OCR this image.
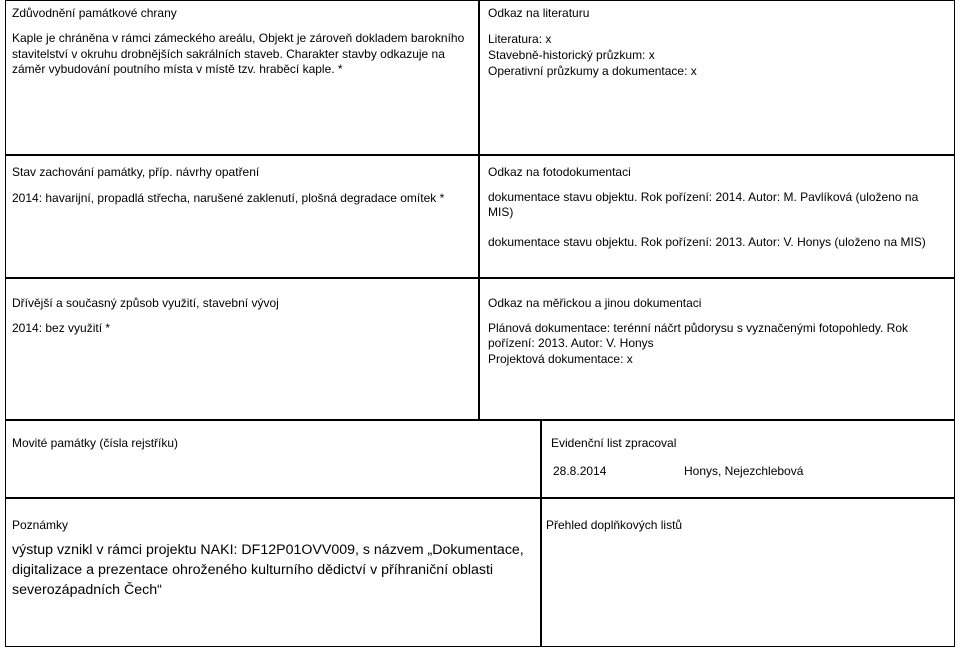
Zdůvodnění památkové chrany
Kaple je chráněna v rámci zámeckého areálu, Objekt je zároveň dokladem barokního stavitelství v okruhu drobnějších sakrálních staveb. Charakter stavby odkazuje na záměr vybudování poutního místa v místě tzv. hraběcí kaple. *
Odkaz na literaturu
Literatura: x
Stavebně-historický průzkum: x
Operativní průzkumy a dokumentace: x
Stav zachování památky, příp. návrhy opatření
2014: havarijní, propadlá střecha, narušené zaklenutí, plošná degradace omítek *
Odkaz na fotodokumentaci
dokumentace stavu objektu. Rok pořízení: 2014. Autor: M. Pavlíková (uloženo na MIS)
dokumentace stavu objektu. Rok pořízení: 2013. Autor: V. Honys (uloženo na MIS)
Dřívější a současný způsob využití, stavební vývoj
2014: bez využití *
Odkaz na měřickou a jinou dokumentaci
Plánová dokumentace: terénní náčrt půdorysu s vyznačenými fotopohledy. Rok pořízení: 2013. Autor: V. Honys
Projektová dokumentace: x
Movité památky (čísla rejstříku)	Evidenční list zpracoval
28.8.2014	Honys, Nejezchlebová
Poznámky
výstup vznikl v rámci projektu NAKI: DF12P01OVV009, s názvem „Dokumentace, digitalizace a prezentace ohroženého kulturního dědictví v příhraniční oblasti severozápadních Čech“
Přehled doplňkových listů
